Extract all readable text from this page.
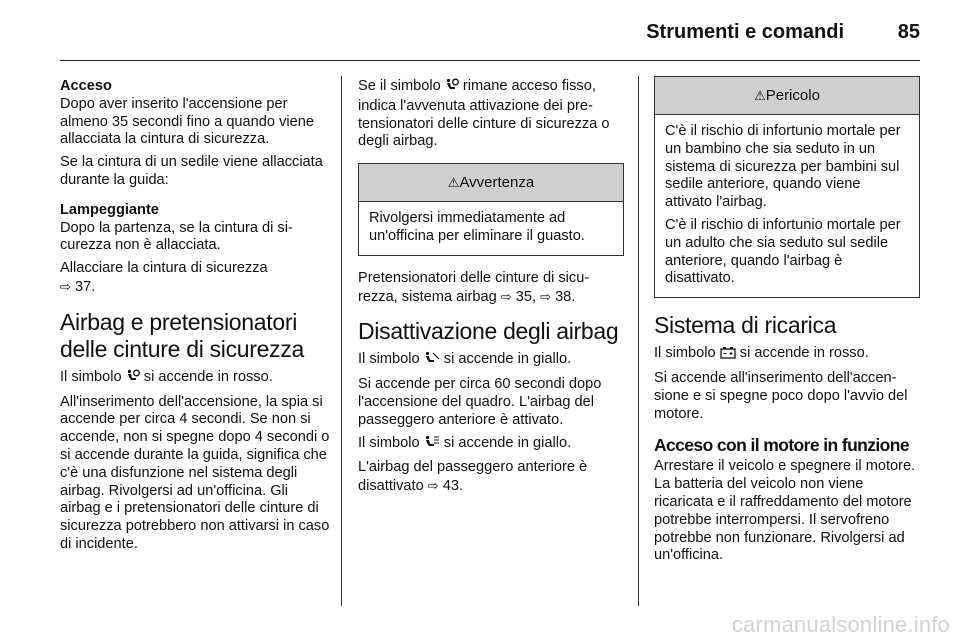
Strumenti e comandi	85

Acceso

Dopo aver inserito l'accensione per almeno 35 secondi fino a quando viene allacciata la cintura di sicurezza.

Se la cintura di un sedile viene allacciata durante la guida:

Lampeggiante

Dopo la partenza, se la cintura di sicurezza non è allacciata.

Allacciare la cintura di sicurezza
⇨ 37.

Airbag e pretensionatori delle cinture di sicurezza

Il simbolo si accende in rosso.

All'inserimento dell'accensione, la spia si accende per circa 4 secondi. Se non si accende, non si spegne dopo 4 secondi o si accende durante la guida, significa che c'è una disfunzione nel sistema degli airbag. Rivolgersi ad un'officina. Gli airbag e i pretensionatori delle cinture di sicurezza potrebbero non attivarsi in caso di incidente.

Se il simbolo rimane acceso fisso, indica l'avvenuta attivazione dei pretensionatori delle cinture di sicurezza o degli airbag.

⚠Avvertenza

Rivolgersi immediatamente ad un'officina per eliminare il guasto.

Pretensionatori delle cinture di sicurezza, sistema airbag ⇨ 35, ⇨ 38.

Disattivazione degli airbag

Il simbolo si accende in giallo.

Si accende per circa 60 secondi dopo l'accensione del quadro. L'airbag del passeggero anteriore è attivato.

Il simbolo si accende in giallo.

L'airbag del passeggero anteriore è disattivato ⇨ 43.

⚠Pericolo

C'è il rischio di infortunio mortale per un bambino che sia seduto in un sistema di sicurezza per bambini sul sedile anteriore, quando viene attivato l'airbag.

C'è il rischio di infortunio mortale per un adulto che sia seduto sul sedile anteriore, quando l'airbag è disattivato.

Sistema di ricarica

Il simbolo si accende in rosso.

Si accende all'inserimento dell'accensione e si spegne poco dopo l'avvio del motore.

Acceso con il motore in funzione

Arrestare il veicolo e spegnere il motore. La batteria del veicolo non viene ricaricata e il raffreddamento del motore potrebbe interrompersi. Il servofreno potrebbe non funzionare. Rivolgersi ad un'officina.

carmanualsonline.info
